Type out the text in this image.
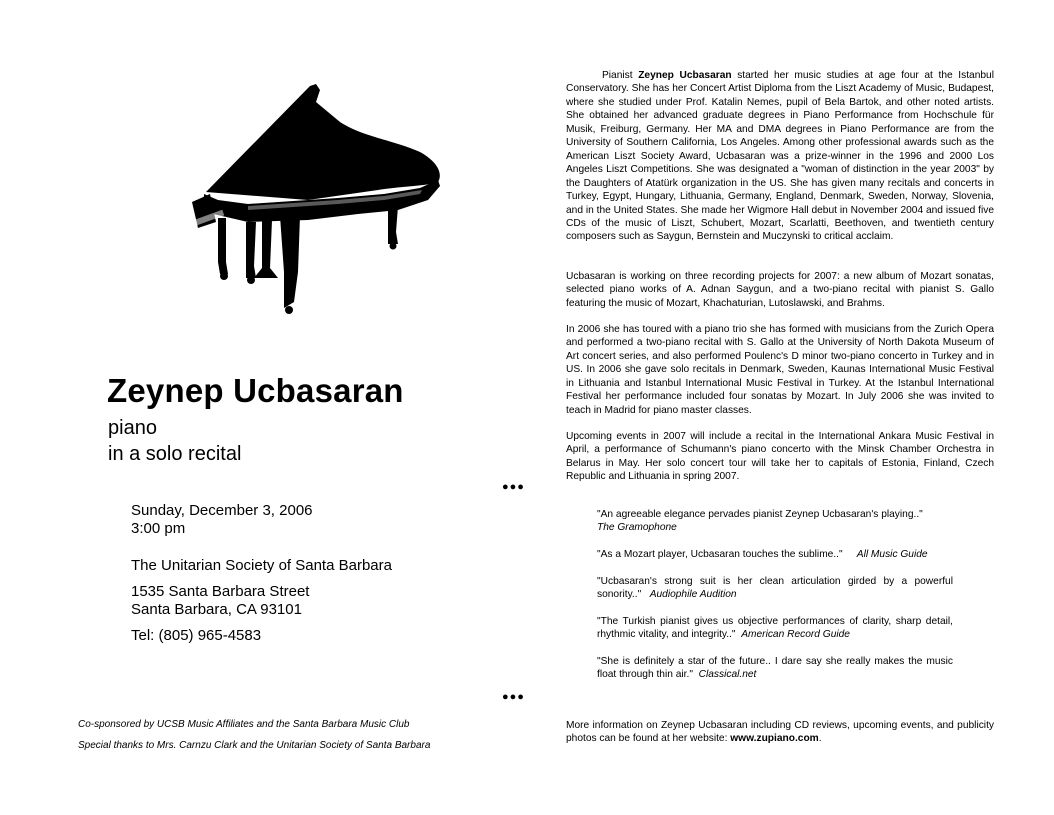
Zeynep Ucbasaran
piano
in a solo recital
Sunday, December 3, 2006
3:00 pm
The Unitarian Society of Santa Barbara
1535 Santa Barbara Street
Santa Barbara, CA 93101
Tel: (805) 965-4583
Co-sponsored by UCSB Music Affiliates and the Santa Barbara Music Club
Special thanks to Mrs. Carnzu Clark and the Unitarian Society of Santa Barbara

Pianist Zeynep Ucbasaran started her music studies at age four at the Istanbul Conservatory. She has her Concert Artist Diploma from the Liszt Academy of Music, Budapest, where she studied under Prof. Katalin Nemes, pupil of Bela Bartok, and other noted artists. She obtained her advanced graduate degrees in Piano Performance from Hochschule für Musik, Freiburg, Germany. Her MA and DMA degrees in Piano Performance are from the University of Southern California, Los Angeles. Among other professional awards such as the American Liszt Society Award, Ucbasaran was a prize-winner in the 1996 and 2000 Los Angeles Liszt Competitions. She was designated a "woman of distinction in the year 2003" by the Daughters of Atatürk organization in the US. She has given many recitals and concerts in Turkey, Egypt, Hungary, Lithuania, Germany, England, Denmark, Sweden, Norway, Slovenia, and in the United States. She made her Wigmore Hall debut in November 2004 and issued five CDs of the music of Liszt, Schubert, Mozart, Scarlatti, Beethoven, and twentieth century composers such as Saygun, Bernstein and Muczynski to critical acclaim.

Ucbasaran is working on three recording projects for 2007: a new album of Mozart sonatas, selected piano works of A. Adnan Saygun, and a two-piano recital with pianist S. Gallo featuring the music of Mozart, Khachaturian, Lutoslawski, and Brahms.

In 2006 she has toured with a piano trio she has formed with musicians from the Zurich Opera and performed a two-piano recital with S. Gallo at the University of North Dakota Museum of Art concert series, and also performed Poulenc's D minor two-piano concerto in Turkey and in US. In 2006 she gave solo recitals in Denmark, Sweden, Kaunas International Music Festival in Lithuania and Istanbul International Music Festival in Turkey. At the Istanbul International Festival her performance included four sonatas by Mozart. In July 2006 she was invited to teach in Madrid for piano master classes.

Upcoming events in 2007 will include a recital in the International Ankara Music Festival in April, a performance of Schumann's piano concerto with the Minsk Chamber Orchestra in Belarus in May. Her solo concert tour will take her to capitals of Estonia, Finland, Czech Republic and Lithuania in spring 2007.

●●●
"An agreeable elegance pervades pianist Zeynep Ucbasaran's playing.."
The Gramophone
"As a Mozart player, Ucbasaran touches the sublime.." All Music Guide
"Ucbasaran's strong suit is her clean articulation girded by a powerful sonority.." Audiophile Audition
"The Turkish pianist gives us objective performances of clarity, sharp detail, rhythmic vitality, and integrity.." American Record Guide
"She is definitely a star of the future.. I dare say she really makes the music float through thin air." Classical.net
●●●
More information on Zeynep Ucbasaran including CD reviews, upcoming events, and publicity photos can be found at her website: www.zupiano.com.
